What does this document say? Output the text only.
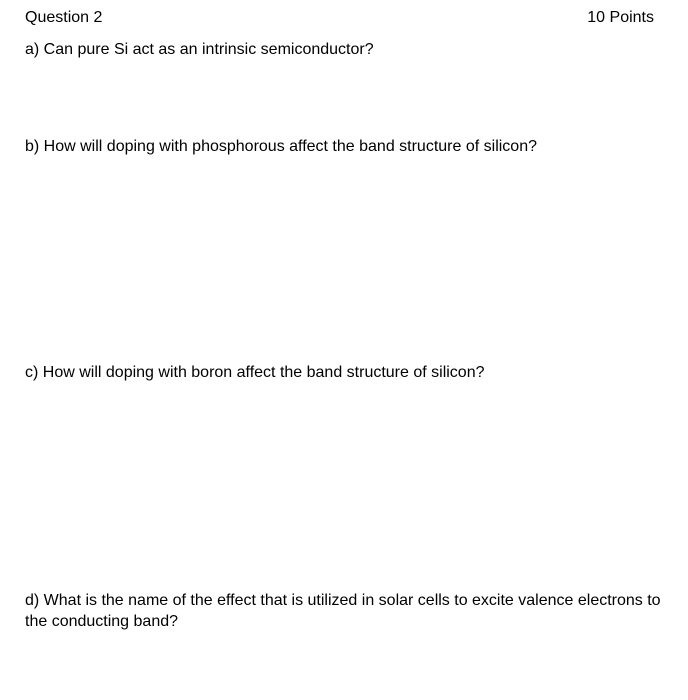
Question 2	10 Points

a) Can pure Si act as an intrinsic semiconductor?

b) How will doping with phosphorous affect the band structure of silicon?

c) How will doping with boron affect the band structure of silicon?

d) What is the name of the effect that is utilized in solar cells to excite valence electrons to the conducting band?
